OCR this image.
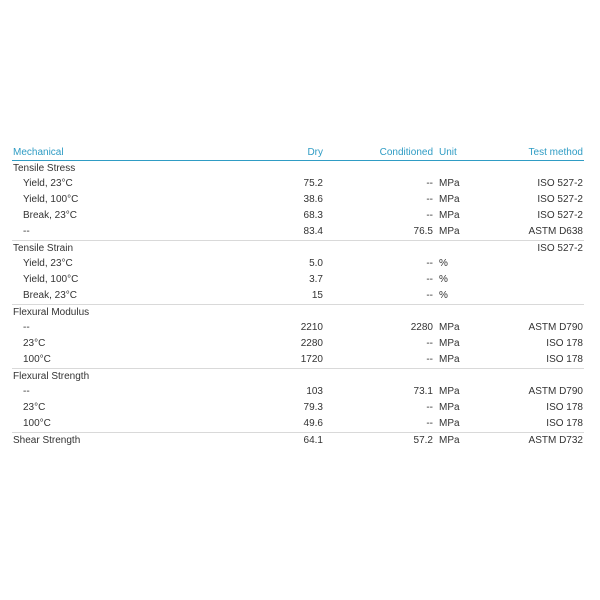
Mechanical	Dry	Conditioned Unit	Test method
Tensile Stress
Yield, 23°C	75.2	-- MPa	ISO 527-2
Yield, 100°C	38.6	-- MPa	ISO 527-2
Break, 23°C	68.3	-- MPa	ISO 527-2
--	83.4	76.5 MPa	ASTM D638
Tensile Strain	ISO 527-2
Yield, 23°C	5.0	-- %
Yield, 100°C	3.7	-- %
Break, 23°C	15	-- %
Flexural Modulus
--	2210	2280 MPa	ASTM D790
23°C	2280	-- MPa	ISO 178
100°C	1720	-- MPa	ISO 178
Flexural Strength
--	103	73.1 MPa	ASTM D790
23°C	79.3	-- MPa	ISO 178
100°C	49.6	-- MPa	ISO 178
Shear Strength	64.1	57.2 MPa	ASTM D732
